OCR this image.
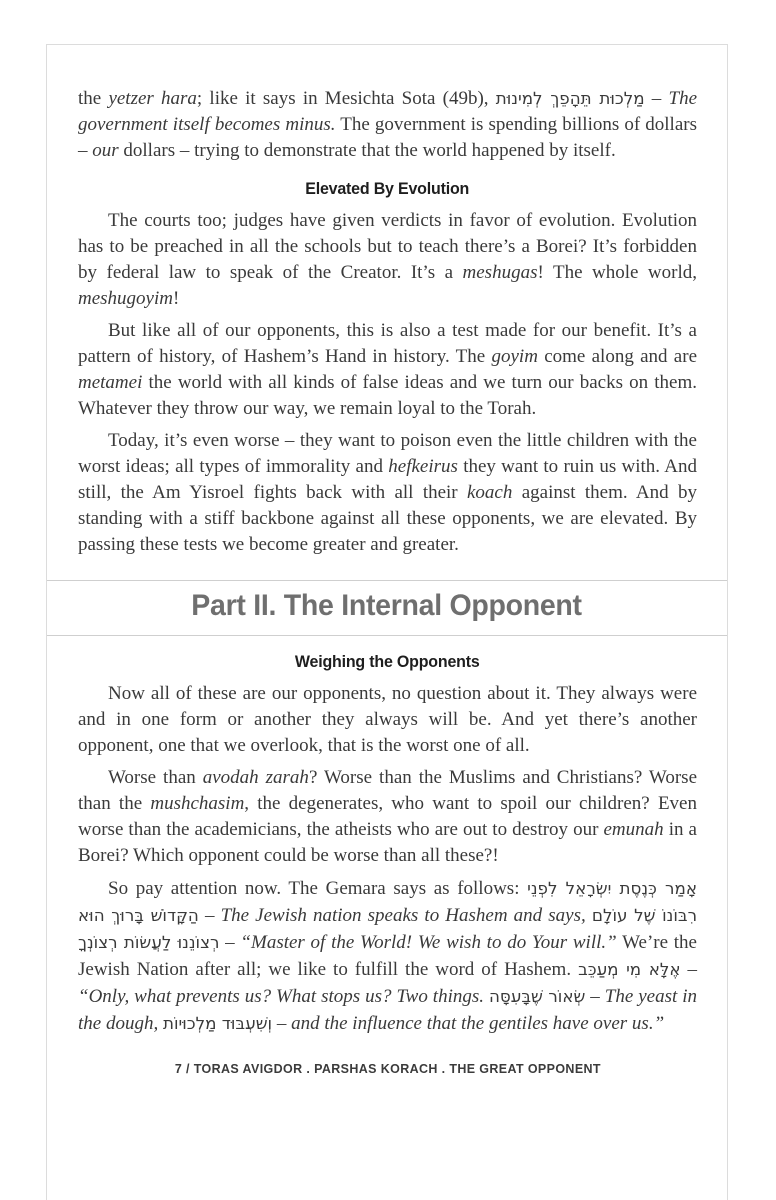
the yetzer hara; like it says in Mesichta Sota (49b), מַלְכוּת תֵּהָפֵךְ לְמִינוּת – The government itself becomes minus. The government is spending billions of dollars – our dollars – trying to demonstrate that the world happened by itself.

Elevated By Evolution

The courts too; judges have given verdicts in favor of evolution. Evolution has to be preached in all the schools but to teach there’s a Borei? It’s forbidden by federal law to speak of the Creator. It’s a meshugas! The whole world, meshugoyim!

But like all of our opponents, this is also a test made for our benefit. It’s a pattern of history, of Hashem’s Hand in history. The goyim come along and are metamei the world with all kinds of false ideas and we turn our backs on them. Whatever they throw our way, we remain loyal to the Torah.

Today, it’s even worse – they want to poison even the little children with the worst ideas; all types of immorality and hefkeirus they want to ruin us with. And still, the Am Yisroel fights back with all their koach against them. And by standing with a stiff backbone against all these opponents, we are elevated. By passing these tests we become greater and greater.

Part II. The Internal Opponent
Weighing the Opponents

Now all of these are our opponents, no question about it. They always were and in one form or another they always will be. And yet there’s another opponent, one that we overlook, that is the worst one of all.

Worse than avodah zarah? Worse than the Muslims and Christians? Worse than the mushchasim, the degenerates, who want to spoil our children? Even worse than the academicians, the atheists who are out to destroy our emunah in a Borei? Which opponent could be worse than all these?!

So pay attention now. The Gemara says as follows: אָמַר כְּנֶסֶת יִשְׂרָאֵל לִפְנֵי הַקָּדוֹשׁ בָּרוּךְ הוּא – The Jewish nation speaks to Hashem and says, רִבּוֹנוֹ שֶׁל עוֹלָם רְצוֹנֵנוּ לַעֲשׂוֹת רְצוֹנְךָ – “Master of the World! We wish to do Your will.” We’re the Jewish Nation after all; we like to fulfill the word of Hashem. אֶלָּא מִי מְעַכֵּב – “Only, what prevents us? What stops us? Two things. שְׂאוֹר שֶׁבָּעִסָּה – The yeast in the dough, וְשִׁעְבּוּד מַלְכוּיוֹת – and the influence that the gentiles have over us.”

7 / TORAS AVIGDOR . PARSHAS KORACH . THE GREAT OPPONENT
